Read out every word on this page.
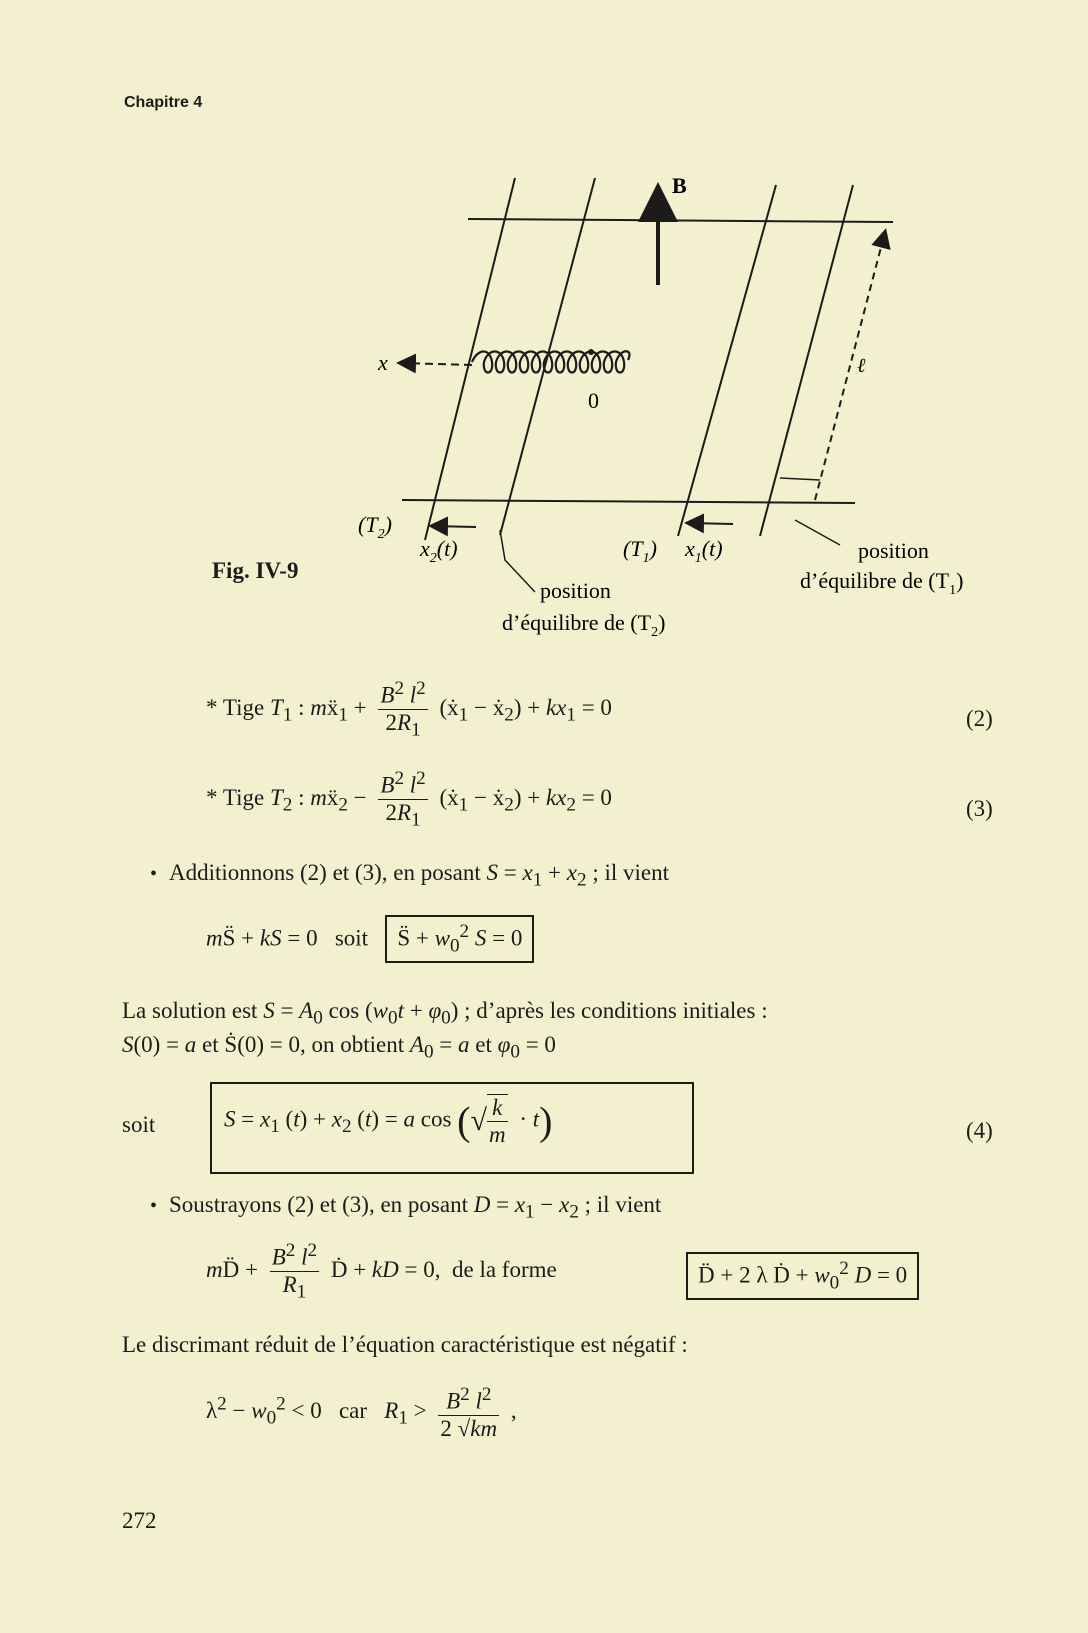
Chapitre 4
B
x
0
ℓ
$(T_2)$
$x_2(t)$	$(T_1)$ $x_1(t)$
position
d’équilibre de $(T_2)$
position
d’équilibre de $(T_1)$
Fig. IV-9
* Tige $T_1$ : mẍ$_1$ + $\frac{B^2 l^2}{2R_1}$ (ẋ$_1$ − ẋ$_2$) + $kx_1 = 0$	(2)
* Tige $T_2$ : mẍ$_2$ − $\frac{B^2 l^2}{2R_1}$ (ẋ$_1$ − ẋ$_2$) + $kx_2 = 0$	(3)
• Additionnons (2) et (3), en posant $S = x_1 + x_2$ ; il vient
mS̈ + kS = 0   soit S̈ + $w_0^2$ S = 0
La solution est $S = A_0$ $\cos (w_0t + \varphi_0)$ ; d’après les conditions initiales :
S(0) = a et Ṡ(0) = 0, on obtient $A_0 = a$ et $\varphi_0 = 0$
soit	$S = x_1$ $(t) + x_2$ (t) = a cos (√ $\frac{k}{m} \cdot t$)	(4)
• Soustrayons (2) et (3), en posant $D = x_1 - x_2$ ; il vient
mD̈ + $\frac{B^2 l^2}{R_1}$ Ḋ + kD = 0,  de la forme	D̈ + 2 λ Ḋ + $w_0^2$ D = 0
Le discrimant réduit de l’équation caractéristique est négatif :
$\lambda^2 - w_0^2 < 0$   car $R_1 > \frac{B^2 l^2}{2 √km}$ ,
272
